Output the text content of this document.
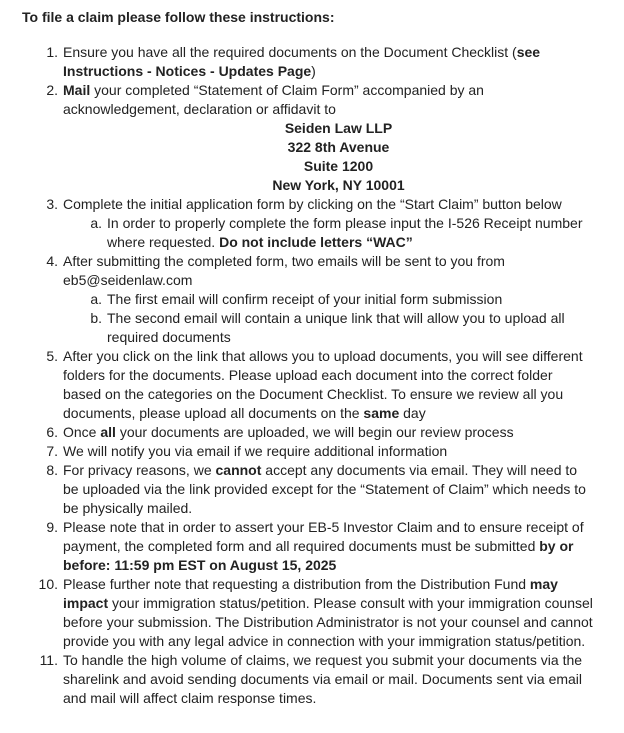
To file a claim please follow these instructions:

1. Ensure you have all the required documents on the Document Checklist (see Instructions - Notices - Updates Page)
2. Mail your completed “Statement of Claim Form” accompanied by an acknowledgement, declaration or affidavit to
Seiden Law LLP
322 8th Avenue
Suite 1200
New York, NY 10001
3. Complete the initial application form by clicking on the “Start Claim” button below
a. In order to properly complete the form please input the I-526 Receipt number where requested. Do not include letters “WAC”
4. After submitting the completed form, two emails will be sent to you from eb5@seidenlaw.com
a. The first email will confirm receipt of your initial form submission
b. The second email will contain a unique link that will allow you to upload all required documents
5. After you click on the link that allows you to upload documents, you will see different folders for the documents. Please upload each document into the correct folder based on the categories on the Document Checklist. To ensure we review all you documents, please upload all documents on the same day
6. Once all your documents are uploaded, we will begin our review process
7. We will notify you via email if we require additional information
8. For privacy reasons, we cannot accept any documents via email. They will need to be uploaded via the link provided except for the “Statement of Claim” which needs to be physically mailed.
9. Please note that in order to assert your EB-5 Investor Claim and to ensure receipt of payment, the completed form and all required documents must be submitted by or before: 11:59 pm EST on August 15, 2025
10. Please further note that requesting a distribution from the Distribution Fund may impact your immigration status/petition. Please consult with your immigration counsel before your submission. The Distribution Administrator is not your counsel and cannot provide you with any legal advice in connection with your immigration status/petition.
11. To handle the high volume of claims, we request you submit your documents via the sharelink and avoid sending documents via email or mail. Documents sent via email and mail will affect claim response times.
